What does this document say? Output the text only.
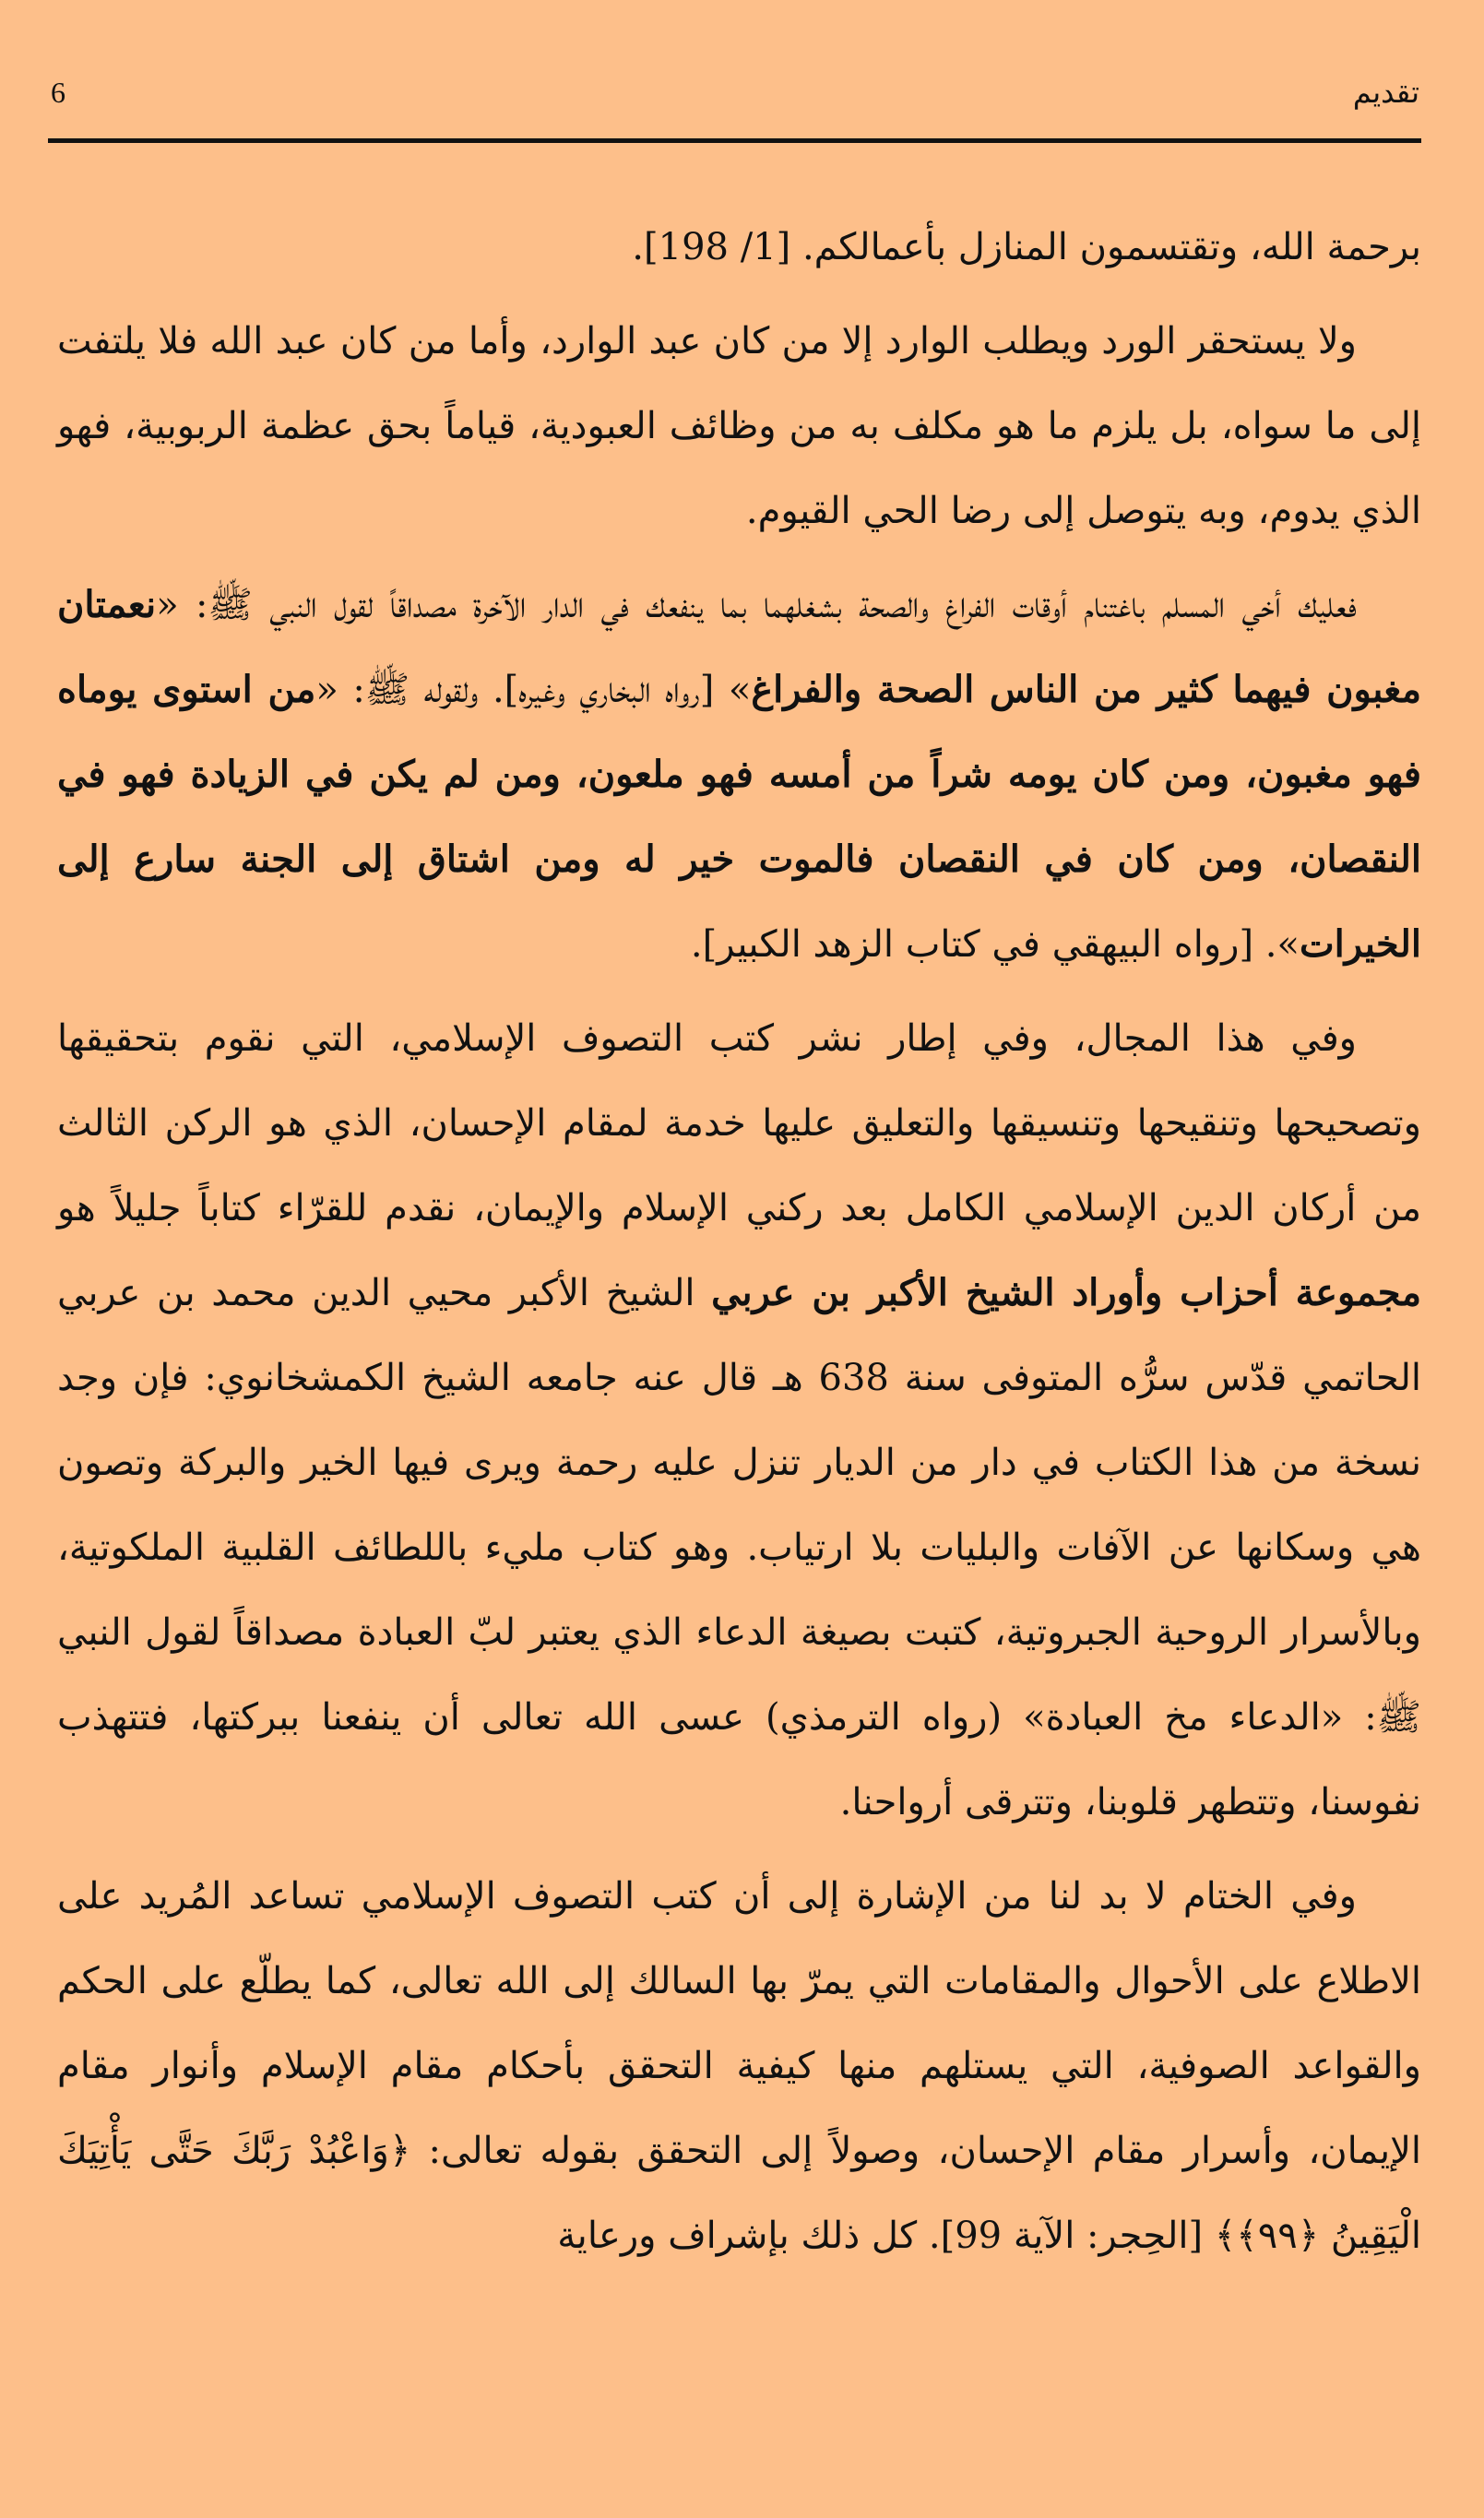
6	تقديم

برحمة الله، وتقتسمون المنازل بأعمالكم. [1/ 198].

ولا يستحقر الورد ويطلب الوارد إلا من كان عبد الوارد، وأما من كان عبد الله فلا يلتفت إلى ما سواه، بل يلزم ما هو مكلف به من وظائف العبودية، قياماً بحق عظمة الربوبية، فهو الذي يدوم، وبه يتوصل إلى رضا الحي القيوم.

فعليك أخي المسلم باغتنام أوقات الفراغ والصحة بشغلهما بما ينفعك في الدار الآخرة مصداقاً لقول النبي ﷺ: «نعمتان مغبون فيهما كثير من الناس الصحة والفراغ» [رواه البخاري وغيره]. ولقوله ﷺ: «من استوى يوماه فهو مغبون، ومن كان يومه شراً من أمسه فهو ملعون، ومن لم يكن في الزيادة فهو في النقصان، ومن كان في النقصان فالموت خير له ومن اشتاق إلى الجنة سارع إلى الخيرات». [رواه البيهقي في كتاب الزهد الكبير].

وفي هذا المجال، وفي إطار نشر كتب التصوف الإسلامي، التي نقوم بتحقيقها وتصحيحها وتنقيحها وتنسيقها والتعليق عليها خدمة لمقام الإحسان، الذي هو الركن الثالث من أركان الدين الإسلامي الكامل بعد ركني الإسلام والإيمان، نقدم للقرّاء كتاباً جليلاً هو مجموعة أحزاب وأوراد الشيخ الأكبر بن عربي الشيخ الأكبر محيي الدين محمد بن عربي الحاتمي قدّس سرُّه المتوفى سنة 638 هـ قال عنه جامعه الشيخ الكمشخانوي: فإن وجد نسخة من هذا الكتاب في دار من الديار تنزل عليه رحمة ويرى فيها الخير والبركة وتصون هي وسكانها عن الآفات والبليات بلا ارتياب. وهو كتاب مليء باللطائف القلبية الملكوتية، وبالأسرار الروحية الجبروتية، كتبت بصيغة الدعاء الذي يعتبر لبّ العبادة مصداقاً لقول النبي ﷺ: «الدعاء مخ العبادة» (رواه الترمذي) عسى الله تعالى أن ينفعنا ببركتها، فتتهذب نفوسنا، وتتطهر قلوبنا، وتترقى أرواحنا.

وفي الختام لا بد لنا من الإشارة إلى أن كتب التصوف الإسلامي تساعد المُريد على الاطلاع على الأحوال والمقامات التي يمرّ بها السالك إلى الله تعالى، كما يطلّع على الحكم والقواعد الصوفية، التي يستلهم منها كيفية التحقق بأحكام مقام الإسلام وأنوار مقام الإيمان، وأسرار مقام الإحسان، وصولاً إلى التحقق بقوله تعالى: ﴿وَاعْبُدْ رَبَّكَ حَتَّى يَأْتِيَكَ الْيَقِينُ ﴿٩٩﴾﴾ [الحِجر: الآية 99]. كل ذلك بإشراف ورعاية
